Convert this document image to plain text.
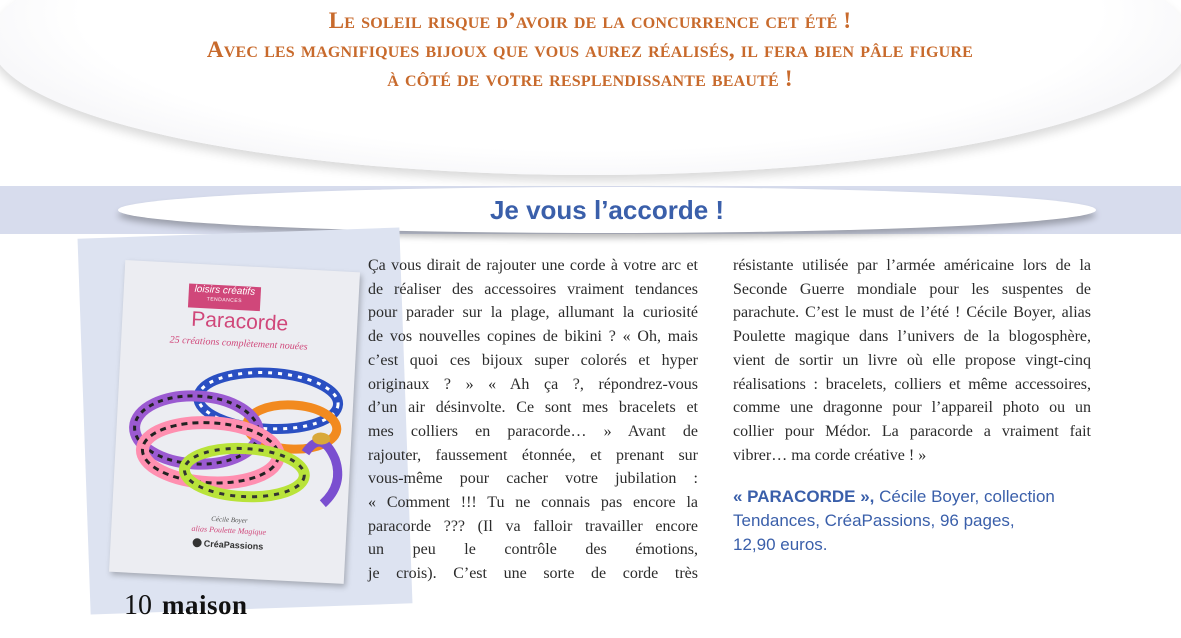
Le soleil risque d’avoir de la concurrence cet été !
Avec les magnifiques bijoux que vous aurez réalisés, il fera bien pâle figure
à côté de votre resplendissante beauté !
Je vous l’accorde !
loisirs créatifs
TENDANCES
Paracorde
25 créations complètement nouées
Cécile Boyer
alias Poulette Magique
CréaPassions
Ça vous dirait de rajouter une corde à votre arc et
de réaliser des accessoires vraiment tendances
pour parader sur la plage, allumant la curiosité
de vos nouvelles copines de bikini ? « Oh, mais
c’est quoi ces bijoux super colorés et hyper
originaux ? » « Ah ça ?, répondrez-vous
d’un air désinvolte. Ce sont mes bracelets et
mes colliers en paracorde… » Avant de
rajouter, faussement étonnée, et prenant sur
vous-même pour cacher votre jubilation :
« Comment !!! Tu ne connais pas encore la
paracorde ??? (Il va falloir travailler encore
un peu le contrôle des émotions,
je crois). C’est une sorte de corde très
résistante utilisée par l’armée américaine lors de la
Seconde Guerre mondiale pour les suspentes de
parachute. C’est le must de l’été ! Cécile Boyer, alias
Poulette magique dans l’univers de la blogosphère,
vient de sortir un livre où elle propose vingt-cinq
réalisations : bracelets, colliers et même accessoires,
comme une dragonne pour l’appareil photo ou un
collier pour Médor. La paracorde a vraiment fait
vibrer… ma corde créative ! »
« PARACORDE », Cécile Boyer, collection
Tendances, CréaPassions, 96 pages,
12,90 euros.
10 maison
